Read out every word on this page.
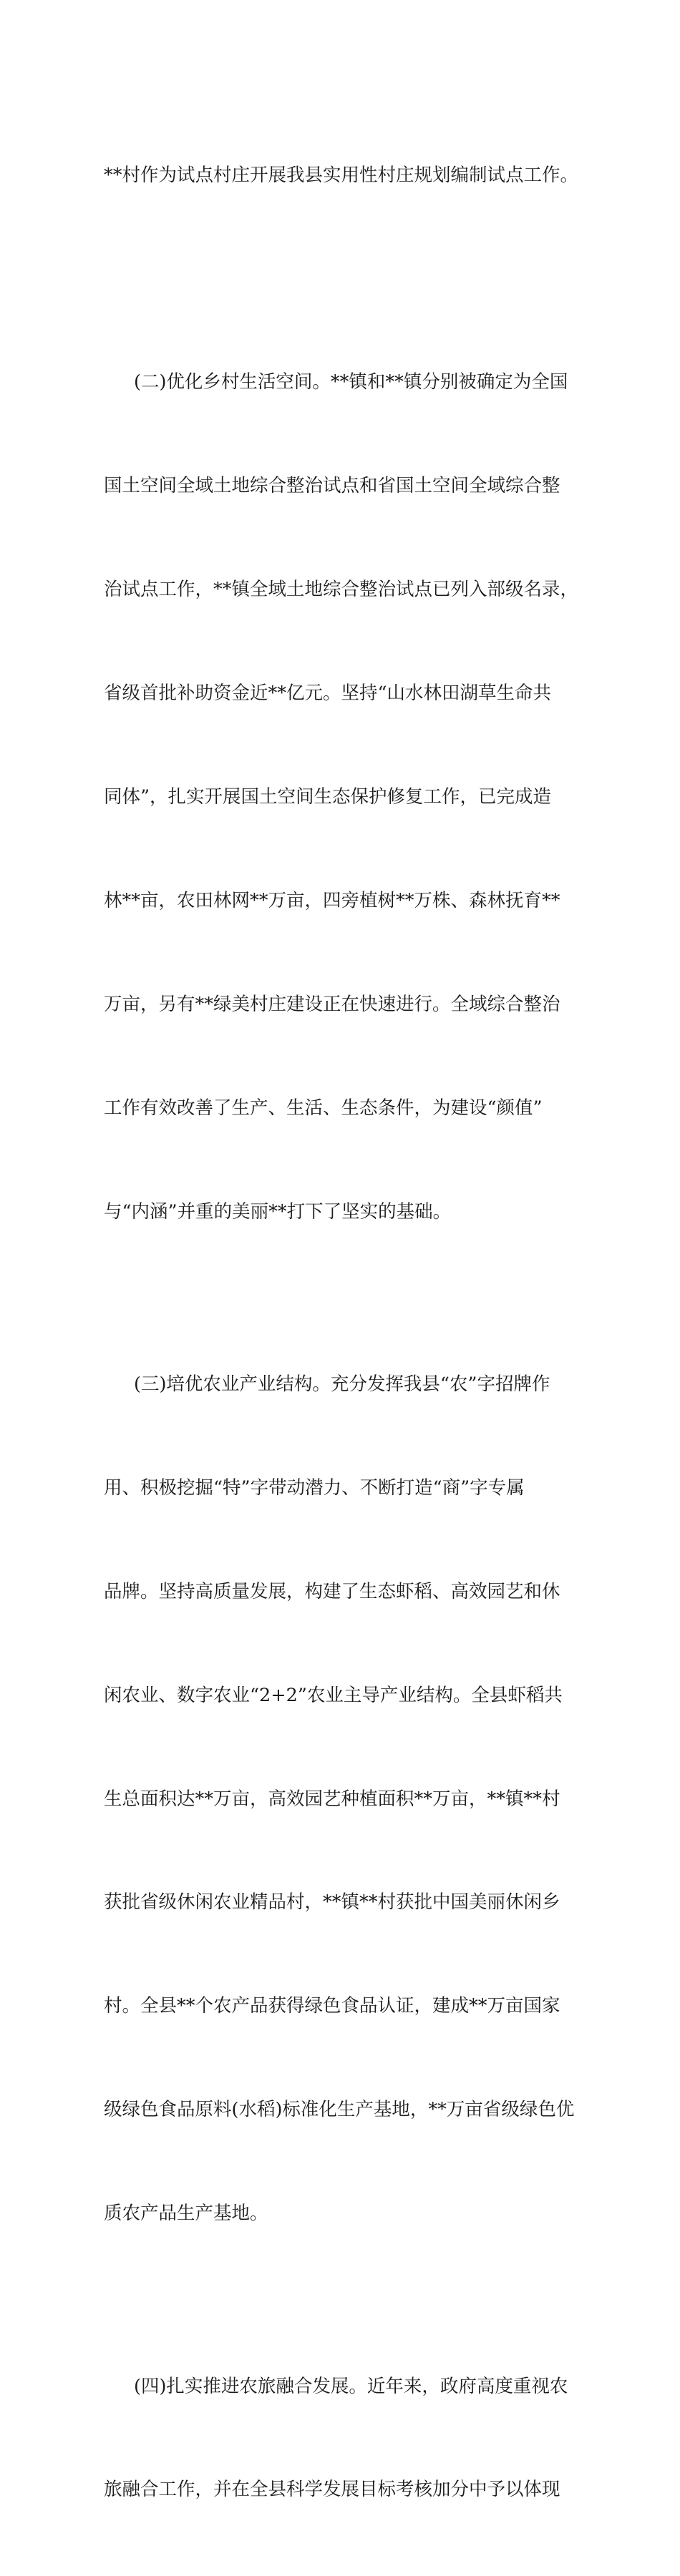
**村作为试点村庄开展我县实用性村庄规划编制试点工作。

(二)优化乡村生活空间。**镇和**镇分别被确定为全国

国土空间全域土地综合整治试点和省国土空间全域综合整

治试点工作，**镇全域土地综合整治试点已列入部级名录，

省级首批补助资金近**亿元。坚持“山水林田湖草生命共

同体”，扎实开展国土空间生态保护修复工作，已完成造

林**亩，农田林网**万亩，四旁植树**万株、森林抚育**

万亩，另有**绿美村庄建设正在快速进行。全域综合整治

工作有效改善了生产、生活、生态条件，为建设“颜值”

与“内涵”并重的美丽**打下了坚实的基础。

(三)培优农业产业结构。充分发挥我县“农”字招牌作

用、积极挖掘“特”字带动潜力、不断打造“商”字专属

品牌。坚持高质量发展，构建了生态虾稻、高效园艺和休

闲农业、数字农业“2+2”农业主导产业结构。全县虾稻共

生总面积达**万亩，高效园艺种植面积**万亩，**镇**村

获批省级休闲农业精品村，**镇**村获批中国美丽休闲乡

村。全县**个农产品获得绿色食品认证，建成**万亩国家

级绿色食品原料(水稻)标准化生产基地，**万亩省级绿色优

质农产品生产基地。

(四)扎实推进农旅融合发展。近年来，政府高度重视农

旅融合工作，并在全县科学发展目标考核加分中予以体现
